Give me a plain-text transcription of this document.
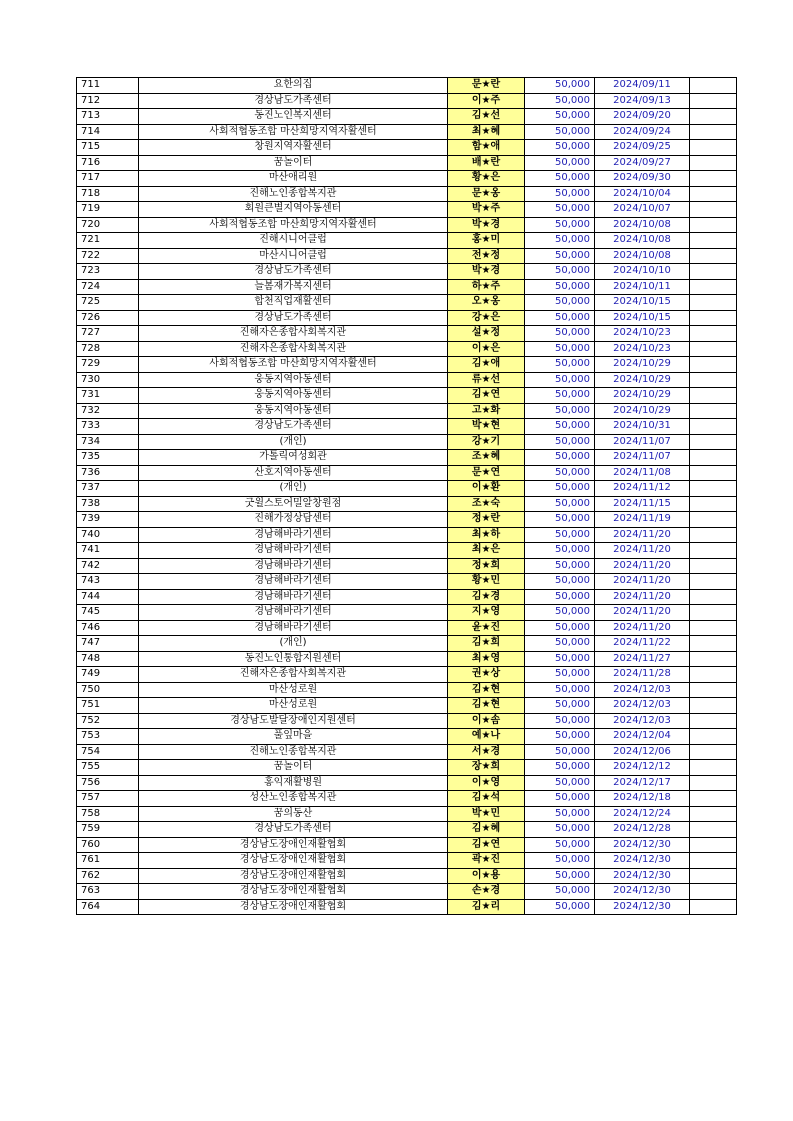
711	요한의집	문★란	50,000	2024/09/11	
712	경상남도가족센터	이★주	50,000	2024/09/13	
713	동진노인복지센터	김★선	50,000	2024/09/20	
714	사회적협동조합 마산희망지역자활센터	최★혜	50,000	2024/09/24	
715	창원지역자활센터	함★애	50,000	2024/09/25	
716	꿈놀이터	배★란	50,000	2024/09/27	
717	마산애리원	황★은	50,000	2024/09/30	
718	진해노인종합복지관	문★옹	50,000	2024/10/04	
719	회원큰별지역아동센터	박★주	50,000	2024/10/07	
720	사회적협동조합 마산희망지역자활센터	박★경	50,000	2024/10/08	
721	진해시니어클럽	홍★미	50,000	2024/10/08	
722	마산시니어클럽	전★정	50,000	2024/10/08	
723	경상남도가족센터	박★경	50,000	2024/10/10	
724	늘봄재가복지센터	하★주	50,000	2024/10/11	
725	합천직업재활센터	오★옹	50,000	2024/10/15	
726	경상남도가족센터	강★은	50,000	2024/10/15	
727	진해자은종합사회복지관	설★정	50,000	2024/10/23	
728	진해자은종합사회복지관	이★은	50,000	2024/10/23	
729	사회적협동조합 마산희망지역자활센터	김★애	50,000	2024/10/29	
730	웅동지역아동센터	류★선	50,000	2024/10/29	
731	웅동지역아동센터	김★연	50,000	2024/10/29	
732	웅동지역아동센터	고★화	50,000	2024/10/29	
733	경상남도가족센터	박★현	50,000	2024/10/31	
734	(개인)	강★기	50,000	2024/11/07	
735	가톨릭여성회관	조★혜	50,000	2024/11/07	
736	산호지역아동센터	문★연	50,000	2024/11/08	
737	(개인)	이★환	50,000	2024/11/12	
738	굿윌스토어밀알창원점	조★숙	50,000	2024/11/15	
739	진해가정상담센터	정★란	50,000	2024/11/19	
740	경남해바라기센터	최★하	50,000	2024/11/20	
741	경남해바라기센터	최★은	50,000	2024/11/20	
742	경남해바라기센터	정★희	50,000	2024/11/20	
743	경남해바라기센터	황★민	50,000	2024/11/20	
744	경남해바라기센터	김★경	50,000	2024/11/20	
745	경남해바라기센터	지★영	50,000	2024/11/20	
746	경남해바라기센터	윤★진	50,000	2024/11/20	
747	(개인)	김★희	50,000	2024/11/22	
748	동진노인통합지원센터	최★영	50,000	2024/11/27	
749	진해자은종합사회복지관	권★상	50,000	2024/11/28	
750	마산성로원	김★현	50,000	2024/12/03	
751	마산성로원	김★현	50,000	2024/12/03	
752	경상남도발달장애인지원센터	이★솜	50,000	2024/12/03	
753	풀잎마을	예★나	50,000	2024/12/04	
754	진해노인종합복지관	서★경	50,000	2024/12/06	
755	꿈놀이터	장★희	50,000	2024/12/12	
756	홍익재활병원	이★영	50,000	2024/12/17	
757	성산노인종합복지관	김★석	50,000	2024/12/18	
758	꿈의동산	박★민	50,000	2024/12/24	
759	경상남도가족센터	김★혜	50,000	2024/12/28	
760	경상남도장애인재활협회	김★연	50,000	2024/12/30	
761	경상남도장애인재활협회	곽★진	50,000	2024/12/30	
762	경상남도장애인재활협회	이★용	50,000	2024/12/30	
763	경상남도장애인재활협회	손★경	50,000	2024/12/30	
764	경상남도장애인재활협회	김★리	50,000	2024/12/30	
